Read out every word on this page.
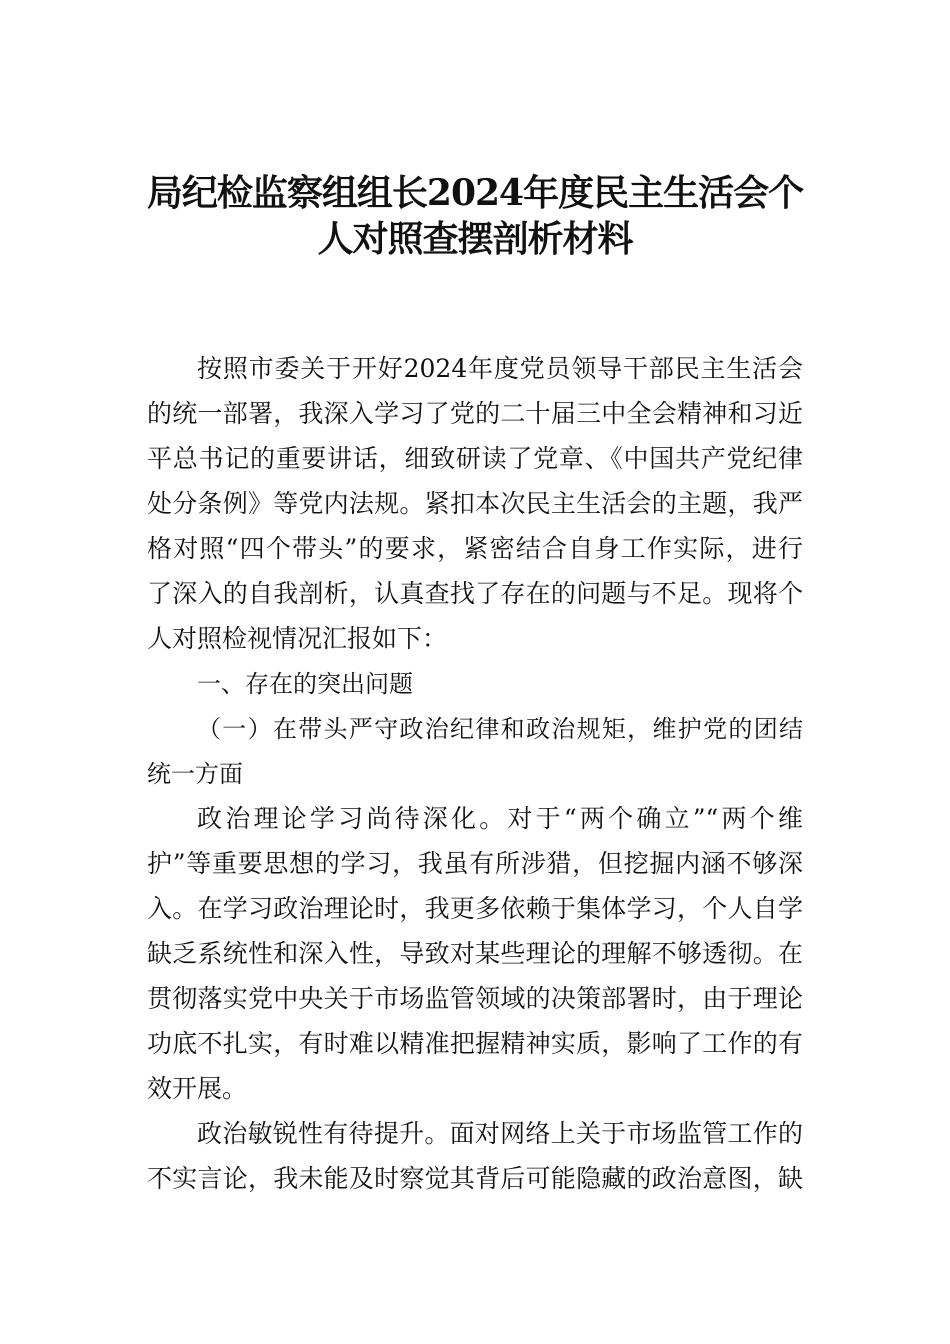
局纪检监察组组长2024年度民主生活会个
人对照查摆剖析材料
按照市委关于开好2024年度党员领导干部民主生活会
的统一部署，我深入学习了党的二十届三中全会精神和习近
平总书记的重要讲话，细致研读了党章、《中国共产党纪律
处分条例》等党内法规。紧扣本次民主生活会的主题，我严
格对照“四个带头”的要求，紧密结合自身工作实际，进行
了深入的自我剖析，认真查找了存在的问题与不足。现将个
人对照检视情况汇报如下：
一、存在的突出问题
（一）在带头严守政治纪律和政治规矩，维护党的团结
统一方面
政治理论学习尚待深化。对于“两个确立”“两个维
护”等重要思想的学习，我虽有所涉猎，但挖掘内涵不够深
入。在学习政治理论时，我更多依赖于集体学习，个人自学
缺乏系统性和深入性，导致对某些理论的理解不够透彻。在
贯彻落实党中央关于市场监管领域的决策部署时，由于理论
功底不扎实，有时难以精准把握精神实质，影响了工作的有
效开展。
政治敏锐性有待提升。面对网络上关于市场监管工作的
不实言论，我未能及时察觉其背后可能隐藏的政治意图，缺
